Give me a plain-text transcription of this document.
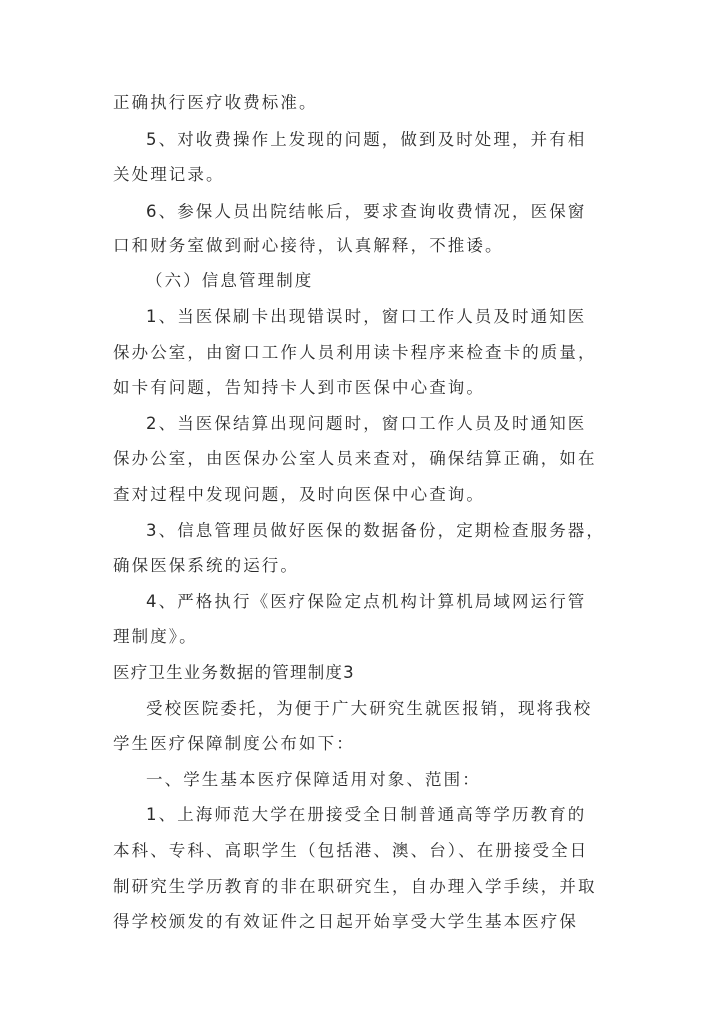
正确执行医疗收费标准。
5、对收费操作上发现的问题，做到及时处理，并有相
关处理记录。
6、参保人员出院结帐后，要求查询收费情况，医保窗
口和财务室做到耐心接待，认真解释，不推诿。
（六）信息管理制度
1、当医保刷卡出现错误时，窗口工作人员及时通知医
保办公室，由窗口工作人员利用读卡程序来检查卡的质量，
如卡有问题，告知持卡人到市医保中心查询。
2、当医保结算出现问题时，窗口工作人员及时通知医
保办公室，由医保办公室人员来查对，确保结算正确，如在
查对过程中发现问题，及时向医保中心查询。
3、信息管理员做好医保的数据备份，定期检查服务器，
确保医保系统的运行。
4、严格执行《医疗保险定点机构计算机局域网运行管
理制度》。
医疗卫生业务数据的管理制度3
受校医院委托，为便于广大研究生就医报销，现将我校
学生医疗保障制度公布如下：
一、学生基本医疗保障适用对象、范围：
1、上海师范大学在册接受全日制普通高等学历教育的
本科、专科、高职学生（包括港、澳、台）、在册接受全日
制研究生学历教育的非在职研究生，自办理入学手续，并取
得学校颁发的有效证件之日起开始享受大学生基本医疗保
